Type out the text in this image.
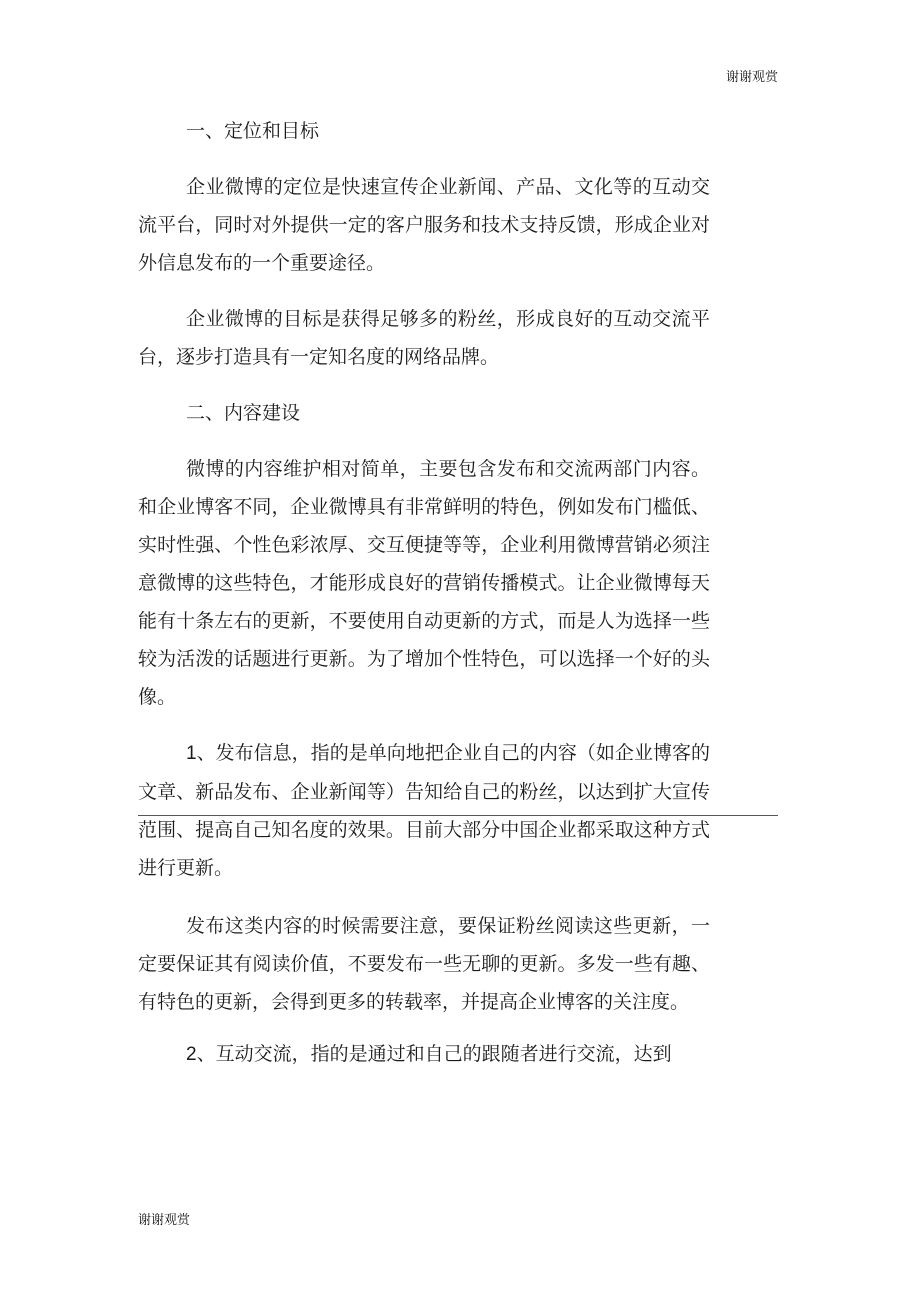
谢谢观赏
一、定位和目标

企业微博的定位是快速宣传企业新闻、产品、文化等的互动交流平台，同时对外提供一定的客户服务和技术支持反馈，形成企业对外信息发布的一个重要途径。

企业微博的目标是获得足够多的粉丝，形成良好的互动交流平台，逐步打造具有一定知名度的网络品牌。

二、内容建设

微博的内容维护相对简单，主要包含发布和交流两部门内容。和企业博客不同，企业微博具有非常鲜明的特色，例如发布门槛低、实时性强、个性色彩浓厚、交互便捷等等，企业利用微博营销必须注意微博的这些特色，才能形成良好的营销传播模式。让企业微博每天能有十条左右的更新，不要使用自动更新的方式，而是人为选择一些较为活泼的话题进行更新。为了增加个性特色，可以选择一个好的头像。

1、发布信息，指的是单向地把企业自己的内容（如企业博客的文章、新品发布、企业新闻等）告知给自己的粉丝，以达到扩大宣传范围、提高自己知名度的效果。目前大部分中国企业都采取这种方式进行更新。

发布这类内容的时候需要注意，要保证粉丝阅读这些更新，一定要保证其有阅读价值，不要发布一些无聊的更新。多发一些有趣、有特色的更新，会得到更多的转载率，并提高企业博客的关注度。

2、互动交流，指的是通过和自己的跟随者进行交流，达到

谢谢观赏
